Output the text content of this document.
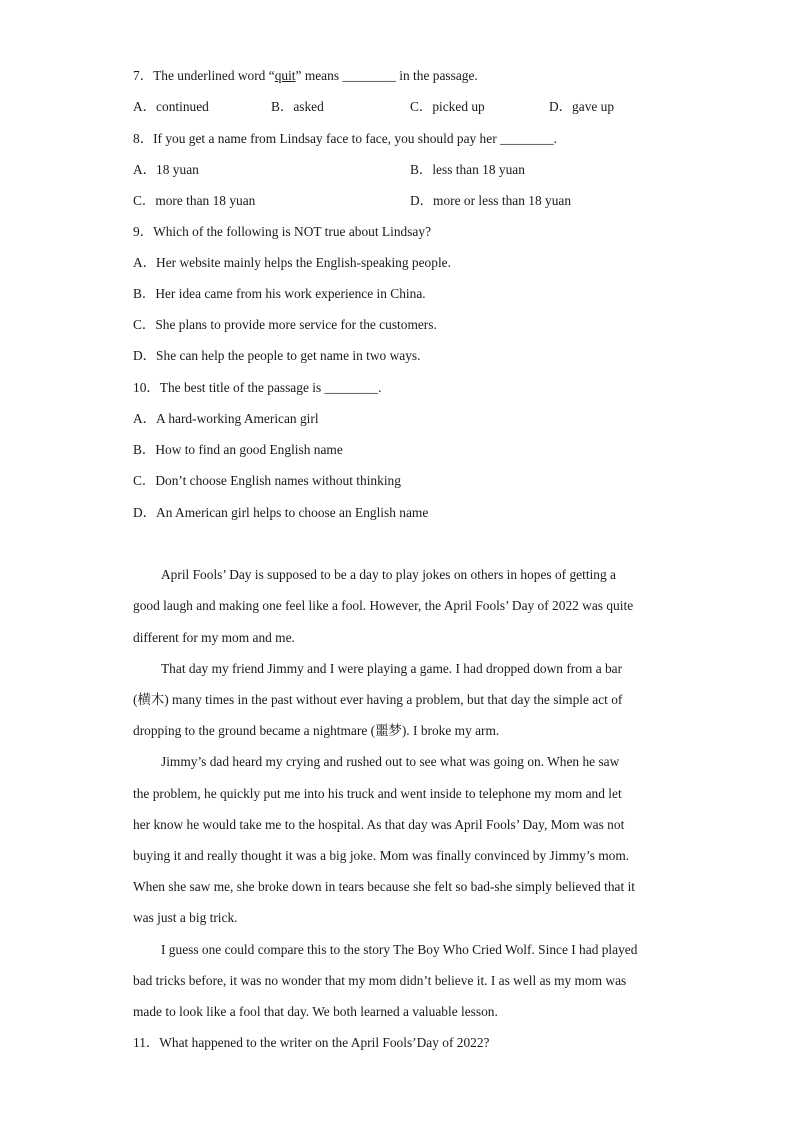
7．The underlined word “quit” means ________ in the passage.
A．continued	B．asked	C．picked up	D．gave up
8．If you get a name from Lindsay face to face, you should pay her ________.
A．18 yuan	B．less than 18 yuan
C．more than 18 yuan	D．more or less than 18 yuan
9．Which of the following is NOT true about Lindsay?
A．Her website mainly helps the English-speaking people.
B．Her idea came from his work experience in China.
C．She plans to provide more service for the customers.
D．She can help the people to get name in two ways.
10．The best title of the passage is ________.
A．A hard-working American girl
B．How to find an good English name
C．Don’t choose English names without thinking
D．An American girl helps to choose an English name
April Fools’ Day is supposed to be a day to play jokes on others in hopes of getting a
good laugh and making one feel like a fool. However, the April Fools’ Day of 2022 was quite
different for my mom and me.
That day my friend Jimmy and I were playing a game. I had dropped down from a bar
(横木) many times in the past without ever having a problem, but that day the simple act of
dropping to the ground became a nightmare (噩梦). I broke my arm.
Jimmy’s dad heard my crying and rushed out to see what was going on. When he saw
the problem, he quickly put me into his truck and went inside to telephone my mom and let
her know he would take me to the hospital. As that day was April Fools’ Day, Mom was not
buying it and really thought it was a big joke. Mom was finally convinced by Jimmy’s mom.
When she saw me, she broke down in tears because she felt so bad-she simply believed that it
was just a big trick.
I guess one could compare this to the story The Boy Who Cried Wolf. Since I had played
bad tricks before, it was no wonder that my mom didn’t believe it. I as well as my mom was
made to look like a fool that day. We both learned a valuable lesson.
11．What happened to the writer on the April Fools’Day of 2022?
